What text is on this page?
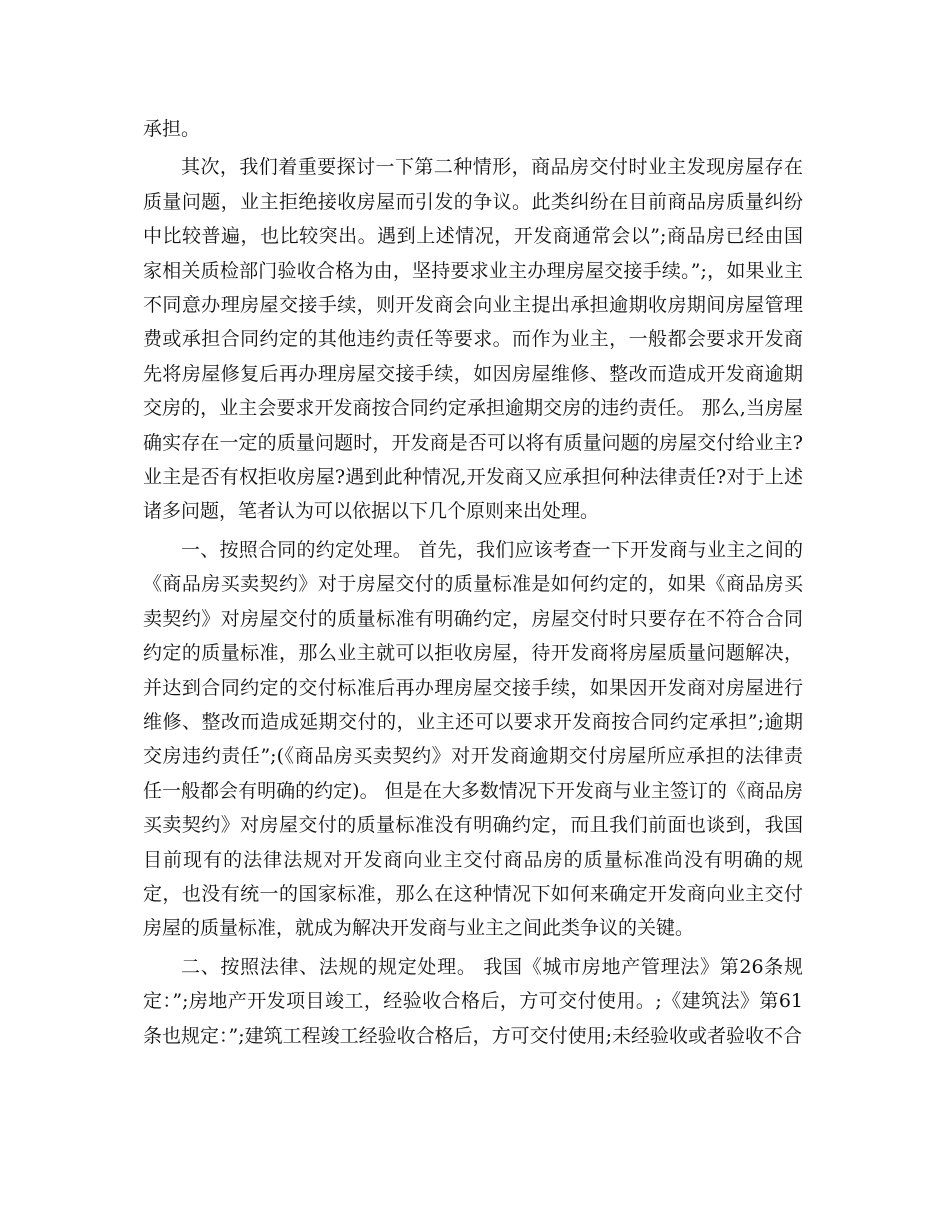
承担。

其次，我们着重要探讨一下第二种情形，商品房交付时业主发现房屋存在质量问题，业主拒绝接收房屋而引发的争议。此类纠纷在目前商品房质量纠纷中比较普遍，也比较突出。遇到上述情况，开发商通常会以”;商品房已经由国家相关质检部门验收合格为由，坚持要求业主办理房屋交接手续。”;，如果业主不同意办理房屋交接手续，则开发商会向业主提出承担逾期收房期间房屋管理费或承担合同约定的其他违约责任等要求。而作为业主，一般都会要求开发商先将房屋修复后再办理房屋交接手续，如因房屋维修、整改而造成开发商逾期交房的，业主会要求开发商按合同约定承担逾期交房的违约责任。 那么,当房屋确实存在一定的质量问题时，开发商是否可以将有质量问题的房屋交付给业主?业主是否有权拒收房屋?遇到此种情况,开发商又应承担何种法律责任?对于上述诸多问题，笔者认为可以依据以下几个原则来出处理。

一、按照合同的约定处理。 首先，我们应该考查一下开发商与业主之间的《商品房买卖契约》对于房屋交付的质量标准是如何约定的，如果《商品房买卖契约》对房屋交付的质量标准有明确约定，房屋交付时只要存在不符合合同约定的质量标准，那么业主就可以拒收房屋，待开发商将房屋质量问题解决，并达到合同约定的交付标准后再办理房屋交接手续，如果因开发商对房屋进行维修、整改而造成延期交付的，业主还可以要求开发商按合同约定承担”;逾期交房违约责任”;(《商品房买卖契约》对开发商逾期交付房屋所应承担的法律责任一般都会有明确的约定)。 但是在大多数情况下开发商与业主签订的《商品房买卖契约》对房屋交付的质量标准没有明确约定，而且我们前面也谈到，我国目前现有的法律法规对开发商向业主交付商品房的质量标准尚没有明确的规定，也没有统一的国家标准，那么在这种情况下如何来确定开发商向业主交付房屋的质量标准，就成为解决开发商与业主之间此类争议的关键。

二、按照法律、法规的规定处理。 我国《城市房地产管理法》第26条规定：”;房地产开发项目竣工，经验收合格后，方可交付使用。;《建筑法》第61条也规定：”;建筑工程竣工经验收合格后，方可交付使用;未经验收或者验收不合
